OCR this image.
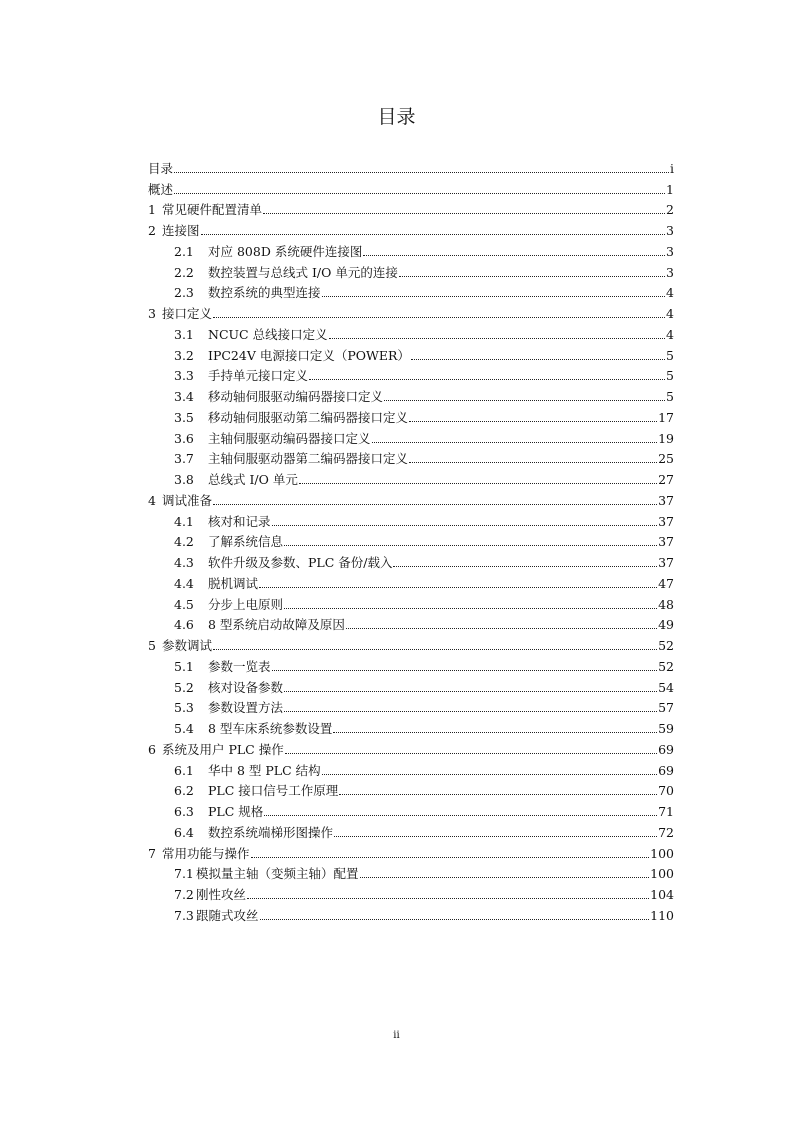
目录
目录	i
概述	1
1 常见硬件配置清单	2
2 连接图	3
2.1	对应 808D 系统硬件连接图	3
2.2	数控装置与总线式 I/O 单元的连接	3
2.3	数控系统的典型连接	4
3 接口定义	4
3.1	NCUC 总线接口定义	4
3.2	IPC24V 电源接口定义（POWER）	5
3.3	手持单元接口定义	5
3.4	移动轴伺服驱动编码器接口定义	5
3.5	移动轴伺服驱动第二编码器接口定义	17
3.6	主轴伺服驱动编码器接口定义	19
3.7	主轴伺服驱动器第二编码器接口定义	25
3.8	总线式 I/O 单元	27
4 调试准备	37
4.1	核对和记录	37
4.2	了解系统信息	37
4.3	软件升级及参数、PLC 备份/载入	37
4.4	脱机调试	47
4.5	分步上电原则	48
4.6	8 型系统启动故障及原因	49
5 参数调试	52
5.1	参数一览表	52
5.2	核对设备参数	54
5.3	参数设置方法	57
5.4	8 型车床系统参数设置	59
6 系统及用户 PLC 操作	69
6.1	华中 8 型 PLC 结构	69
6.2	PLC 接口信号工作原理	70
6.3	PLC 规格	71
6.4	数控系统端梯形图操作	72
7 常用功能与操作	100
7.1 模拟量主轴（变频主轴）配置	100
7.2 刚性攻丝	104
7.3 跟随式攻丝	110
ii
